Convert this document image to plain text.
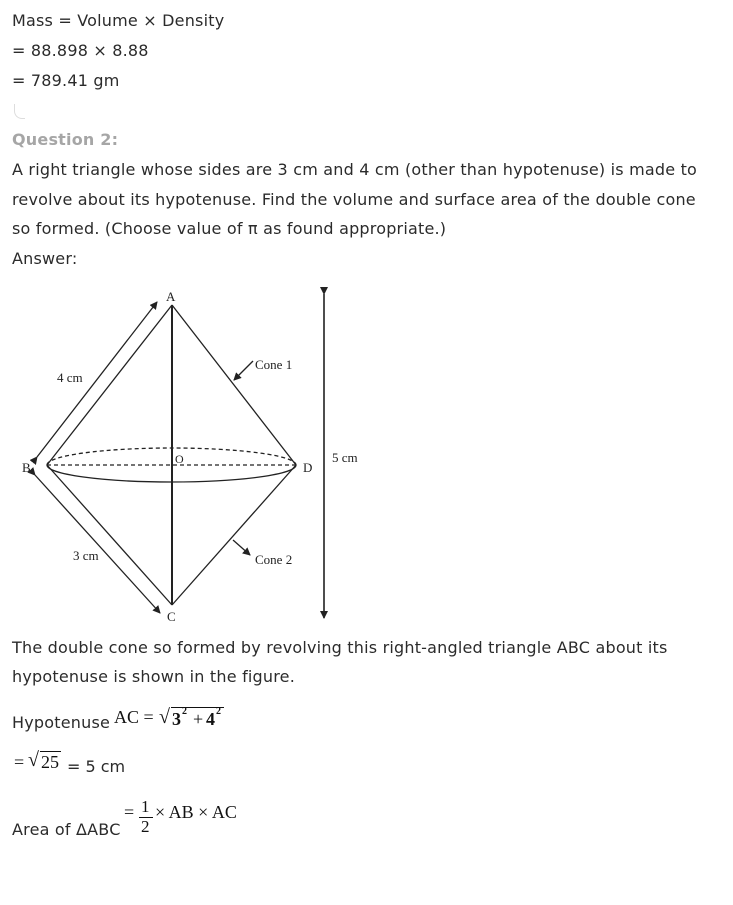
Mass = Volume × Density
= 88.898 × 8.88
= 789.41 gm
Question 2:
A right triangle whose sides are 3 cm and 4 cm (other than hypotenuse) is made to
revolve about its hypotenuse. Find the volume and surface area of the double cone
so formed. (Choose value of π as found appropriate.)
Answer:
A
B
C
D
O
4 cm
3 cm
5 cm
Cone 1
Cone 2
The double cone so formed by revolving this right-angled triangle ABC about its
hypotenuse is shown in the figure.
Hypotenuse AC = √ 3 2 + 4 2
= √ 25 = 5 cm
Area of ΔABC
= 1
2
× AB × AC
